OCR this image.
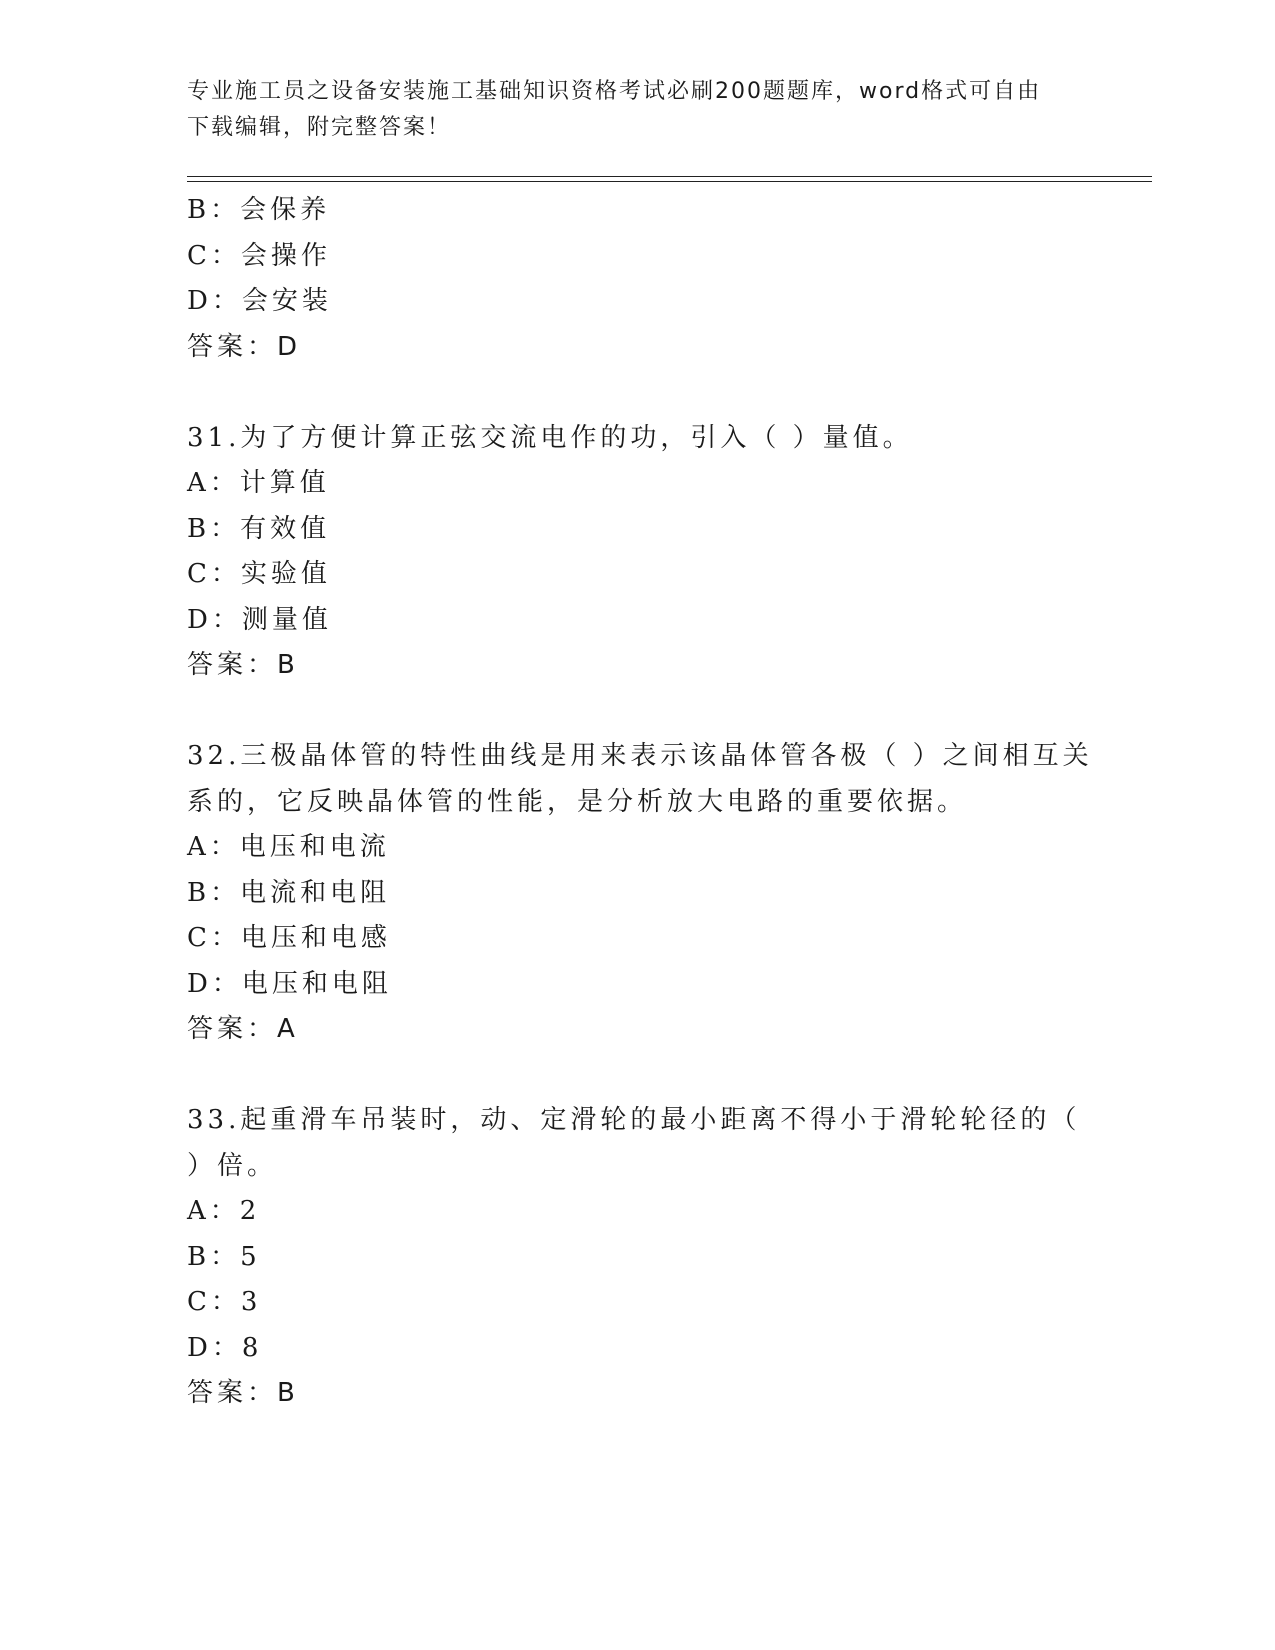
专业施工员之设备安装施工基础知识资格考试必刷200题题库，word格式可自由
下载编辑，附完整答案！
B：会保养
C：会操作
D：会安装
答案：D
31.为了方便计算正弦交流电作的功，引入（ ）量值。
A：计算值
B：有效值
C：实验值
D：测量值
答案：B
32.三极晶体管的特性曲线是用来表示该晶体管各极（ ）之间相互关
系的，它反映晶体管的性能，是分析放大电路的重要依据。
A：电压和电流
B：电流和电阻
C：电压和电感
D：电压和电阻
答案：A
33.起重滑车吊装时，动、定滑轮的最小距离不得小于滑轮轮径的（
）倍。
A：2
B：5
C：3
D：8
答案：B
